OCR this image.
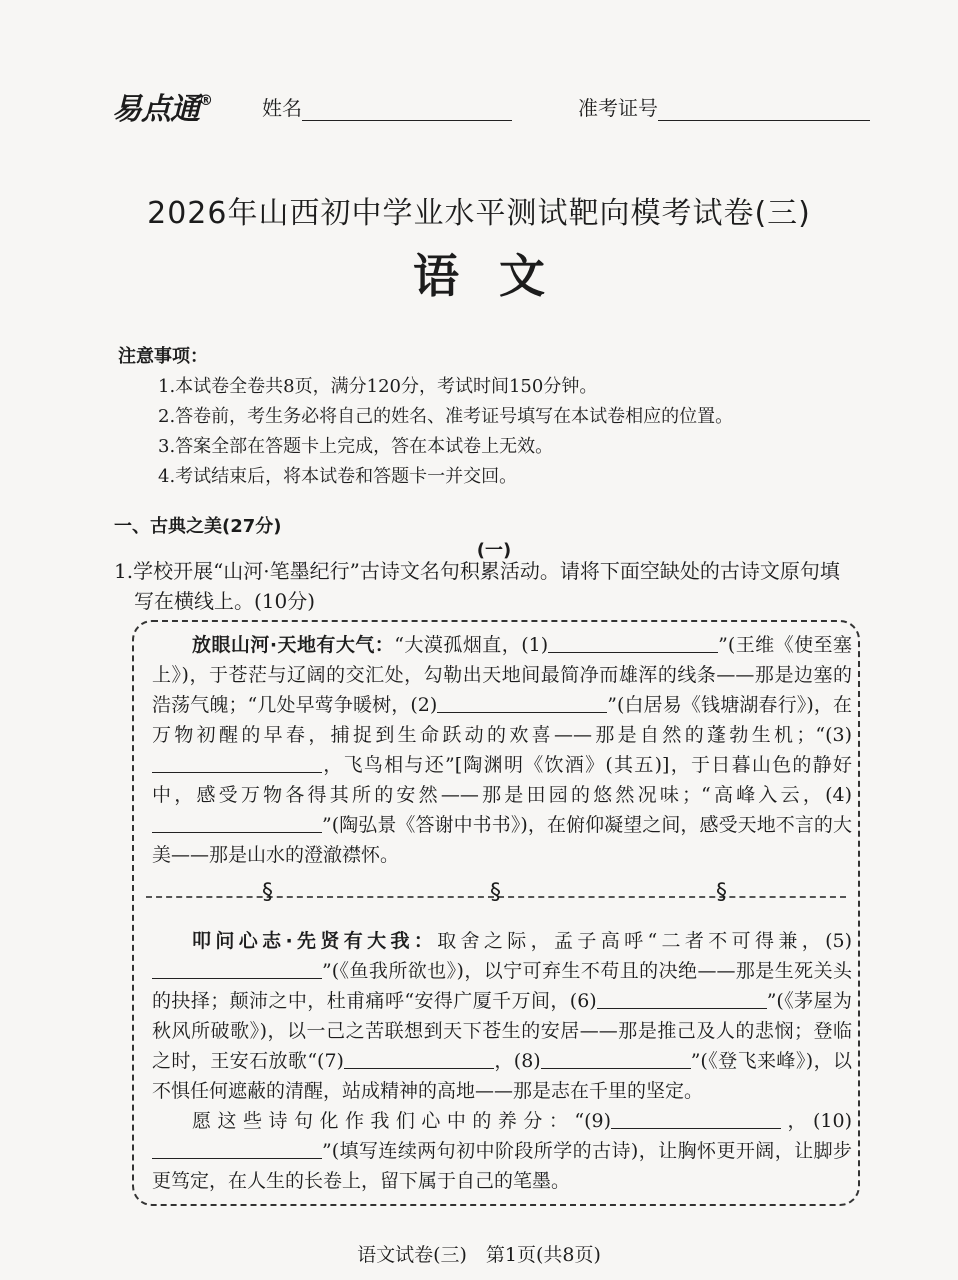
易点通®	姓名	准考证号
2026年山西初中学业水平测试靶向模考试卷(三)
语文
注意事项：
1.本试卷全卷共8页，满分120分，考试时间150分钟。
2.答卷前，考生务必将自己的姓名、准考证号填写在本试卷相应的位置。
3.答案全部在答题卡上完成，答在本试卷上无效。
4.考试结束后，将本试卷和答题卡一并交回。
一、古典之美(27分)
(一)
1.学校开展“山河·笔墨纪行”古诗文名句积累活动。请将下面空缺处的古诗文原句填
写在横线上。(10分)
放眼山河·天地有大气：“大漠孤烟直，(1)	”(王维《使至塞上》)，于苍茫与辽阔的交汇处，勾勒出天地间最简净而雄浑的线条——那是边塞的浩荡气魄；“几处早莺争暖树，(2)	”(白居易《钱塘湖春行》)，在万物初醒的早春，捕捉到生命跃动的欢喜——那是自然的蓬勃生机；“(3)，飞鸟相与还”[陶渊明《饮酒》(其五)]，于日暮山色的静好中，感受万物各得其所的安然——那是田园的悠然况味；“高峰入云，(4)”(陶弘景《答谢中书书》)，在俯仰凝望之间，感受天地不言的大美——那是山水的澄澈襟怀。
§	§	§
叩问心志·先贤有大我：取舍之际，孟子高呼“二者不可得兼，(5)”(《鱼我所欲也》)，以宁可弃生不苟且的决绝——那是生死关头的抉择；颠沛之中，杜甫痛呼“安得广厦千万间，(6)	”(《茅屋为秋风所破歌》)，以一己之苦联想到天下苍生的安居——那是推己及人的悲悯；登临之时，王安石放歌“(7)	，(8)	”(《登飞来峰》)，以不惧任何遮蔽的清醒，站成精神的高地——那是志在千里的坚定。
愿这些诗句化作我们心中的养分：“(9)	，(10)”(填写连续两句初中阶段所学的古诗)，让胸怀更开阔，让脚步更笃定，在人生的长卷上，留下属于自己的笔墨。
语文试卷(三)　第1页(共8页)
